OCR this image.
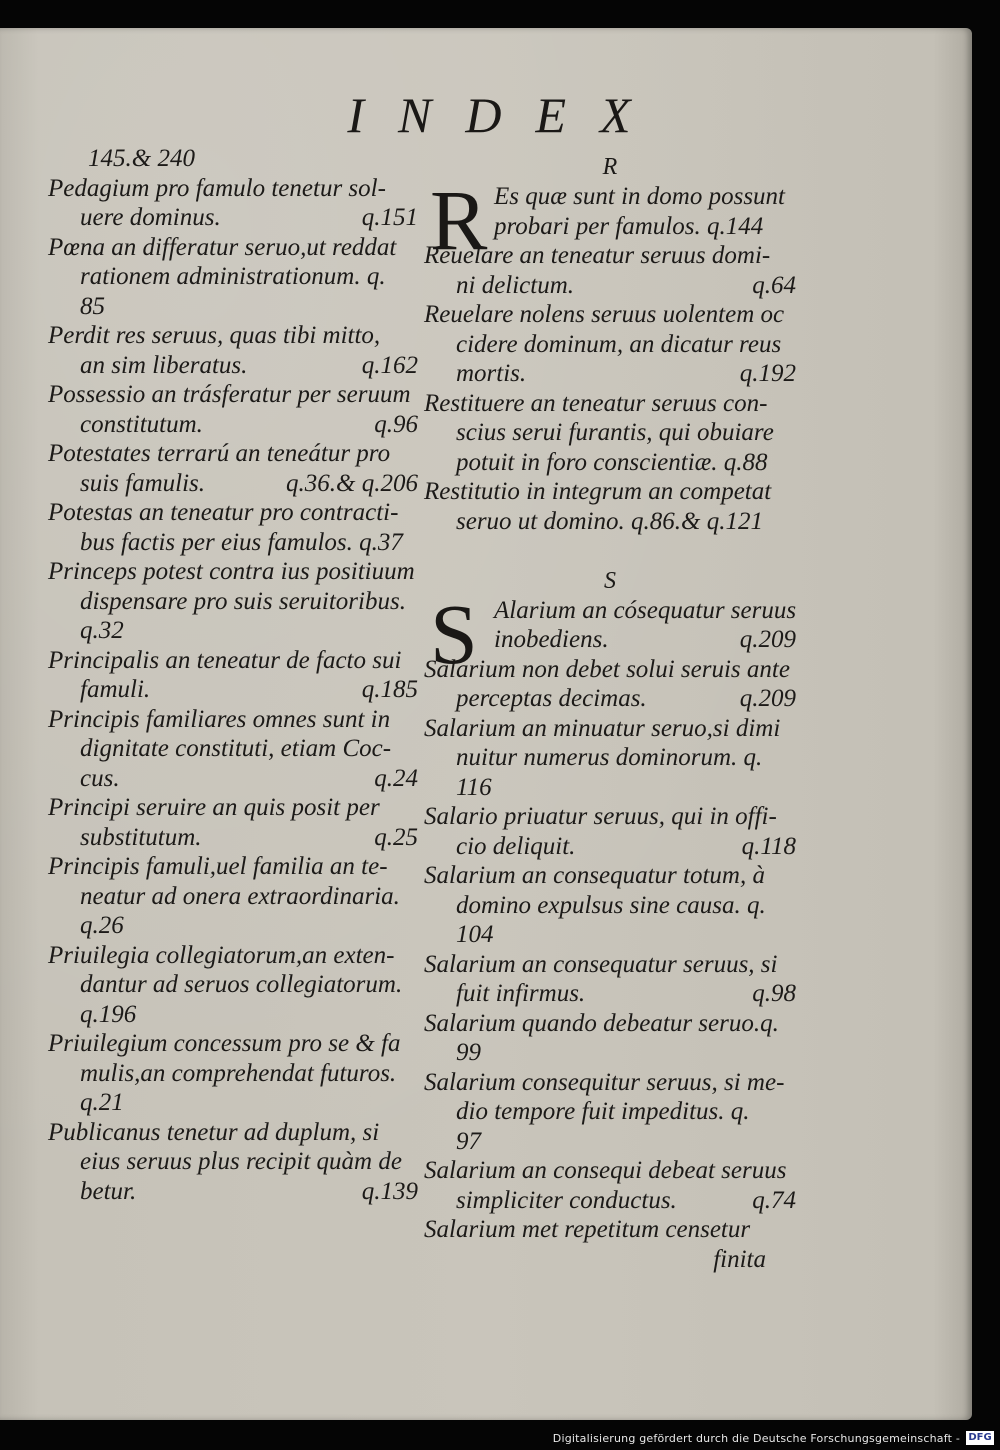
INDEX
145.& 240
Pedagium pro famulo tenetur sol-
uere dominus.	q.151
Pœna an differatur seruo,ut reddat
rationem administrationum. q.
85
Perdit res seruus, quas tibi mitto,
an sim liberatus.	q.162
Possessio an trásferatur per seruum
constitutum.	q.96
Potestates terrarú an teneátur pro
suis famulis.	q.36.& q.206
Potestas an teneatur pro contracti-
bus factis per eius famulos. q.37
Princeps potest contra ius positiuum
dispensare pro suis seruitoribus.
q.32
Principalis an teneatur de facto sui
famuli.	q.185
Principis familiares omnes sunt in
dignitate constituti, etiam Coc-
cus.	q.24
Principi seruire an quis posit per
substitutum.	q.25
Principis famuli,uel familia an te-
neatur ad onera extraordinaria.
q.26
Priuilegia collegiatorum,an exten-
dantur ad seruos collegiatorum.
q.196
Priuilegium concessum pro se & fa
mulis,an comprehendat futuros.
q.21
Publicanus tenetur ad duplum, si
eius seruus plus recipit quàm de
betur.	q.139
R
R Es quæ sunt in domo possunt
probari per famulos. q.144
Reuelare an teneatur seruus domi-
ni delictum.	q.64
Reuelare nolens seruus uolentem oc
cidere dominum, an dicatur reus
mortis.	q.192
Restituere an teneatur seruus con-
scius serui furantis, qui obuiare
potuit in foro conscientiæ. q.88
Restitutio in integrum an competat
seruo ut domino. q.86.& q.121
S
S Alarium an cósequatur seruus
inobediens.	q.209
Salarium non debet solui seruis ante
perceptas decimas.	q.209
Salarium an minuatur seruo,si dimi
nuitur numerus dominorum. q.
116
Salario priuatur seruus, qui in offi-
cio deliquit.	q.118
Salarium an consequatur totum, à
domino expulsus sine causa. q.
104
Salarium an consequatur seruus, si
fuit infirmus.	q.98
Salarium quando debeatur seruo.q.
99
Salarium consequitur seruus, si me-
dio tempore fuit impeditus. q.
97
Salarium an consequi debeat seruus
simpliciter conductus.	q.74
Salarium met repetitum censetur
finita
Digitalisierung gefördert durch die Deutsche Forschungsgemeinschaft - DFG
